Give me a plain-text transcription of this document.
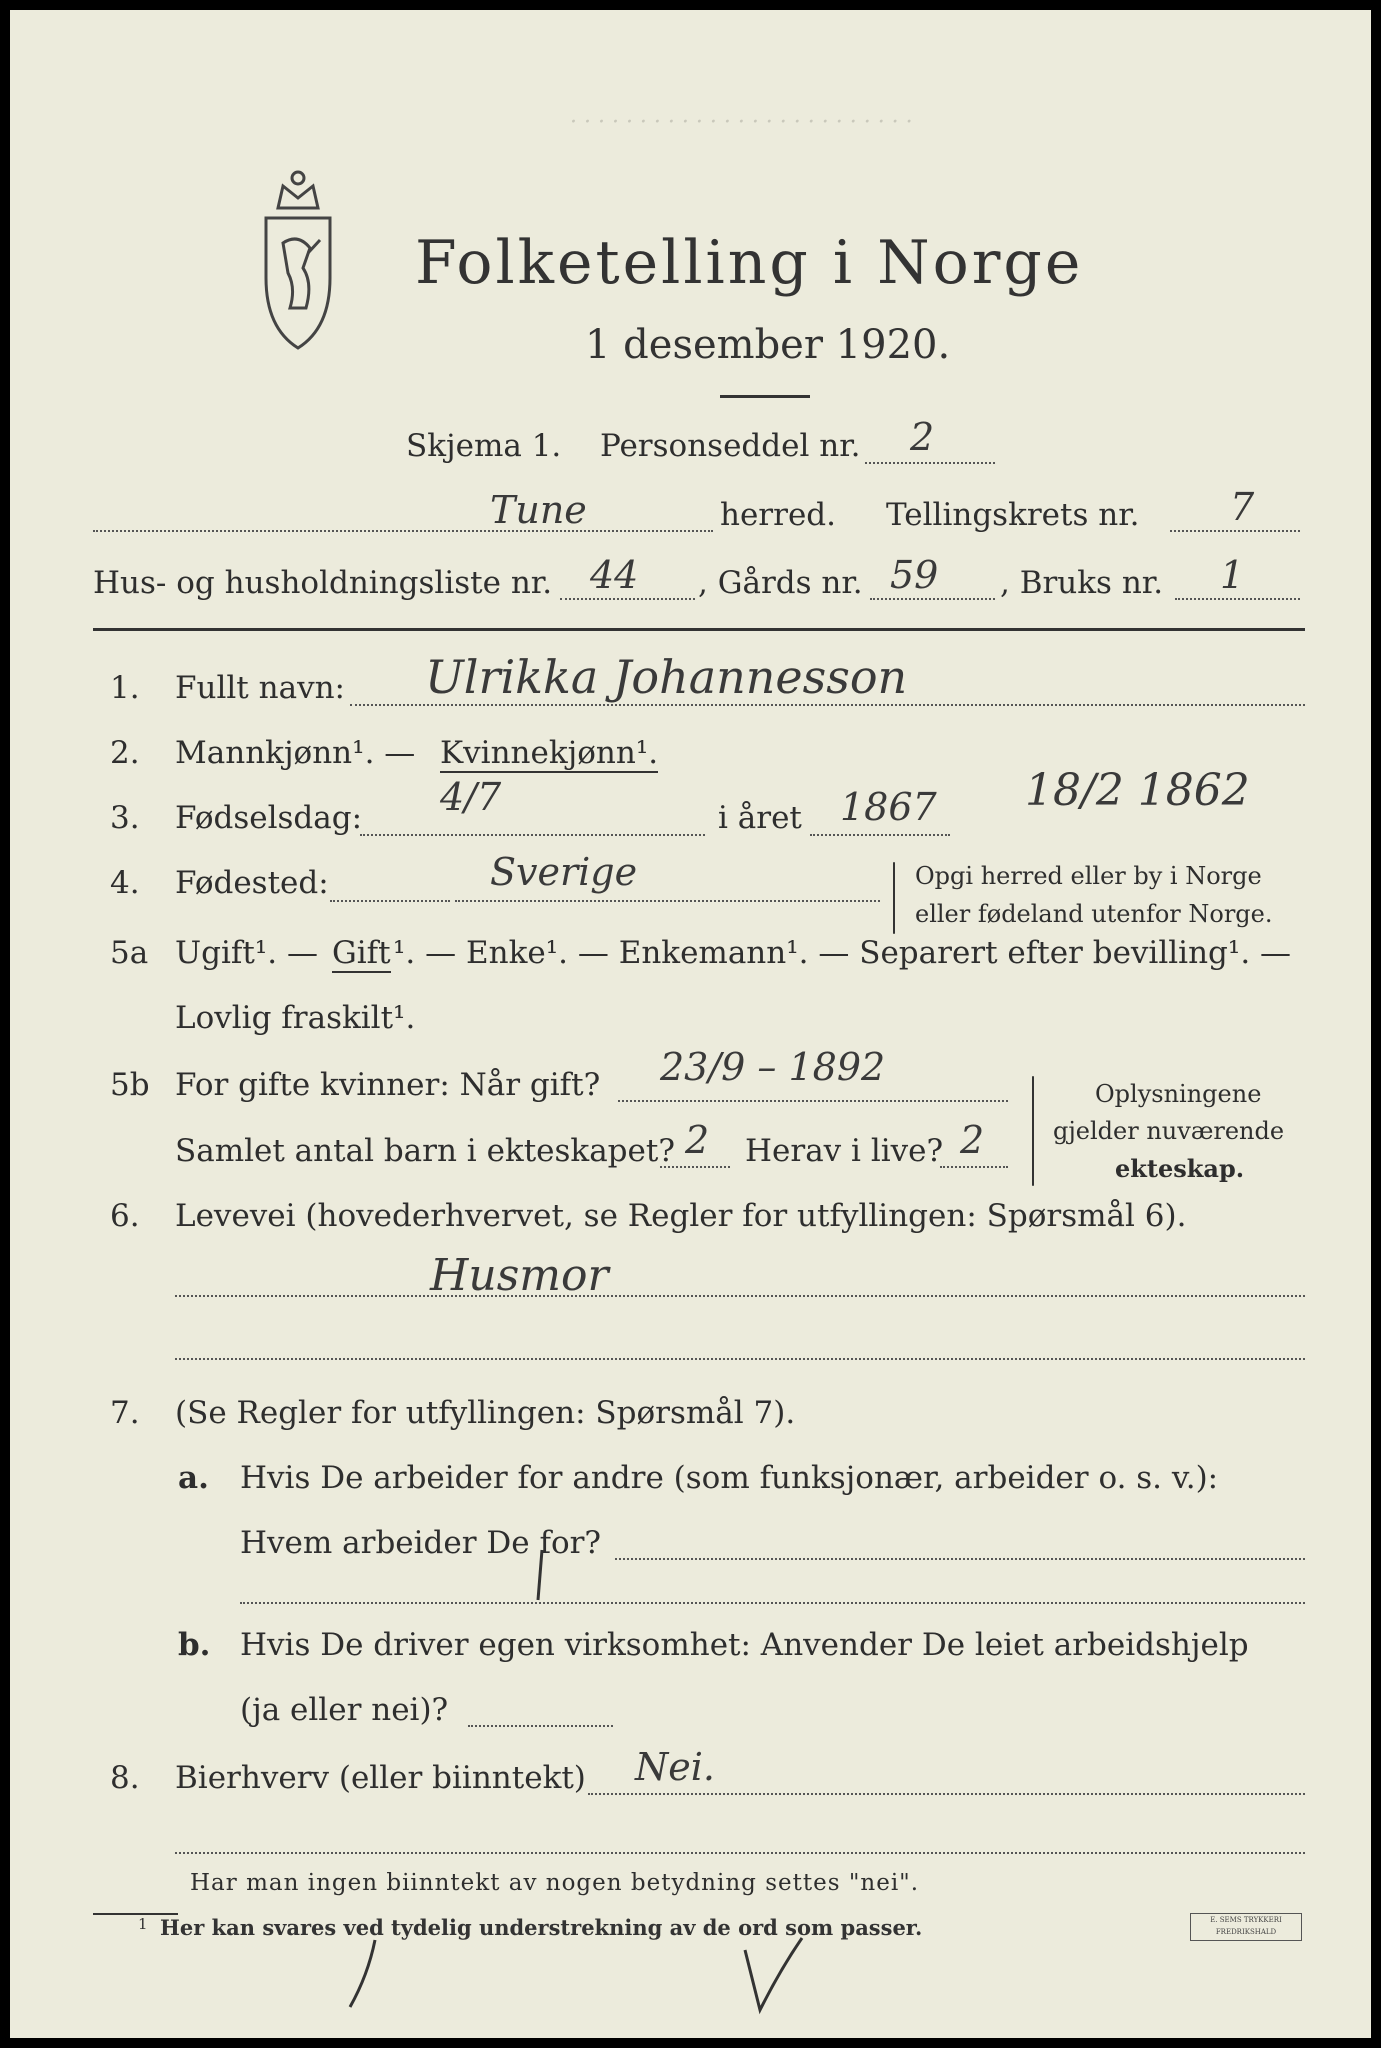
· · · · · · · · · · · · · · · · · · · · · · · · ·
Folketelling i Norge
1 desember 1920.
Skjema 1. Personseddel nr. 2
Tune	herred. Tellingskrets nr. 7
Hus- og husholdningsliste nr. 44 , Gårds nr. 59 , Bruks nr. 1
1. Fullt navn: Ulrikka Johannesson
2. Mannkjønn¹. — Kvinnekjønn¹.
3. Fødselsdag: 4/7	i året 1867 18/2 1862
4. Fødested:	Sverige	Opgi herred eller by i Norge
eller fødeland utenfor Norge.
5a Ugift¹. — Gift ¹. — Enke¹. — Enkemann¹. — Separert efter bevilling¹. —
Lovlig fraskilt¹.
5b For gifte kvinner: Når gift? 23/9 – 1892
Samlet antal barn i ekteskapet? 2 Herav i live? 2
Oplysningene
gjelder nuværende
ekteskap.
6. Levevei (hovederhvervet, se Regler for utfyllingen: Spørsmål 6).
Husmor
7. (Se Regler for utfyllingen: Spørsmål 7).
a. Hvis De arbeider for andre (som funksjonær, arbeider o. s. v.):
Hvem arbeider De for?
b. Hvis De driver egen virksomhet: Anvender De leiet arbeidshjelp
(ja eller nei)?
8. Bierhverv (eller biinntekt) Nei.
Har man ingen biinntekt av nogen betydning settes "nei".
1 Her kan svares ved tydelig understrekning av de ord som passer.	E. SEMS TRYKKERI FREDRIKSHALD
